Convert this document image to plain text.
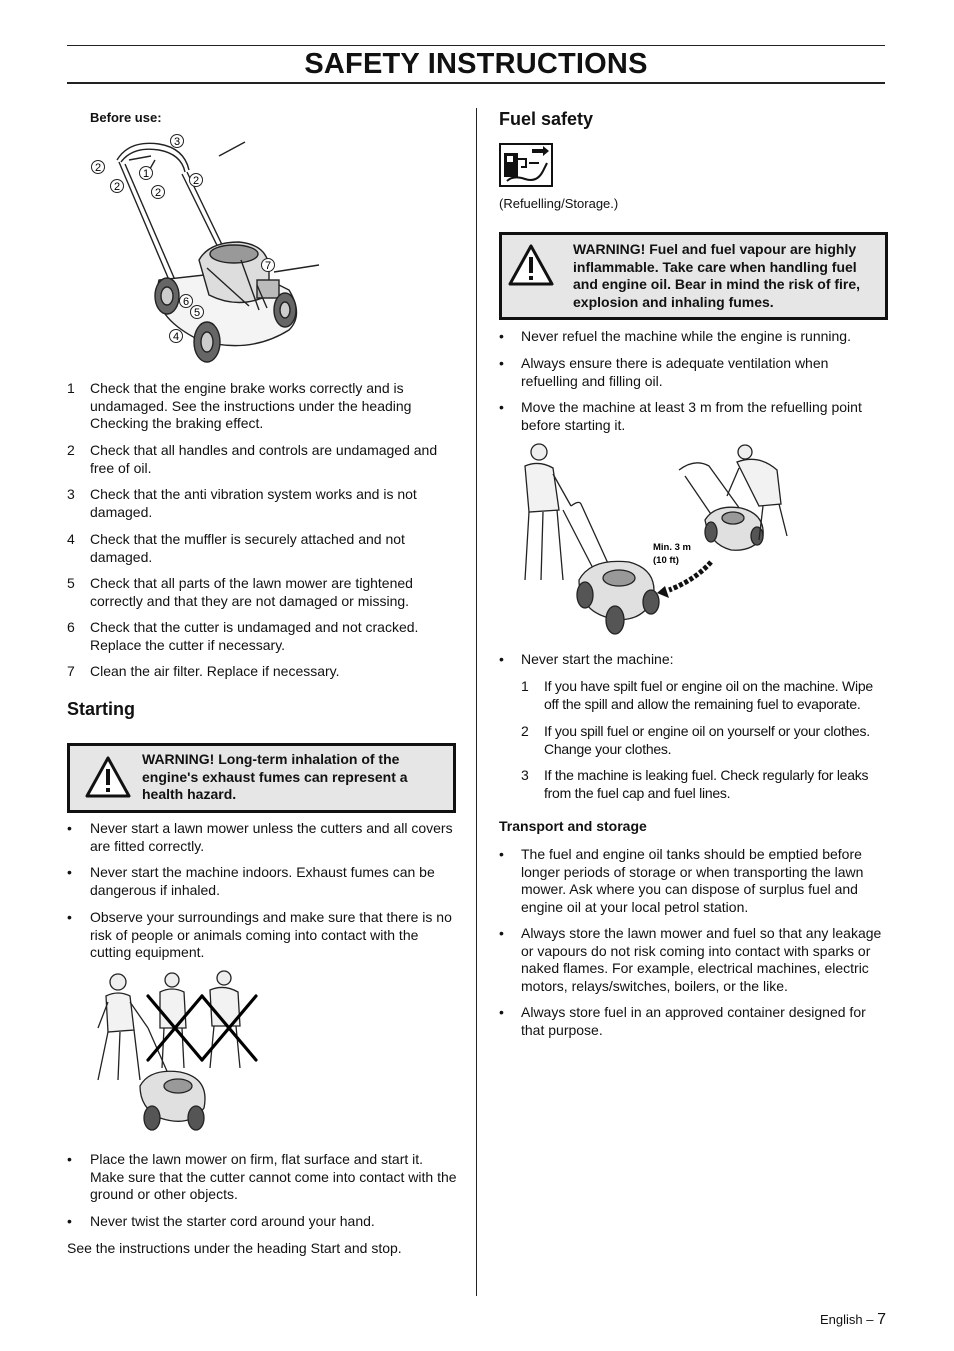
SAFETY INSTRUCTIONS
Before use:
1
2
2	2
2
3
4
5
6
7
1 Check that the engine brake works correctly and is undamaged. See the instructions under the heading Checking the braking effect.
2 Check that all handles and controls are undamaged and free of oil.
3 Check that the anti vibration system works and is not damaged.
4 Check that the muffler is securely attached and not damaged.
5 Check that all parts of the lawn mower are tightened correctly and that they are not damaged or missing.
6 Check that the cutter is undamaged and not cracked. Replace the cutter if necessary.
7 Clean the air filter. Replace if necessary.
Starting
WARNING! Long-term inhalation of the engine's exhaust fumes can represent a health hazard.
• Never start a lawn mower unless the cutters and all covers are fitted correctly.
• Never start the machine indoors. Exhaust fumes can be dangerous if inhaled.
• Observe your surroundings and make sure that there is no risk of people or animals coming into contact with the cutting equipment.
• Place the lawn mower on firm, flat surface and start it. Make sure that the cutter cannot come into contact with the ground or other objects.
• Never twist the starter cord around your hand.
See the instructions under the heading Start and stop.
Fuel safety
(Refuelling/Storage.)
WARNING! Fuel and fuel vapour are highly inflammable. Take care when handling fuel and engine oil. Bear in mind the risk of fire, explosion and inhaling fumes.
• Never refuel the machine while the engine is running.
• Always ensure there is adequate ventilation when refuelling and filling oil.
• Move the machine at least 3 m from the refuelling point before starting it.
Min. 3 m
(10 ft)
• Never start the machine:
1 If you have spilt fuel or engine oil on the machine. Wipe off the spill and allow the remaining fuel to evaporate.
2 If you spill fuel or engine oil on yourself or your clothes. Change your clothes.
3 If the machine is leaking fuel. Check regularly for leaks from the fuel cap and fuel lines.
Transport and storage
• The fuel and engine oil tanks should be emptied before longer periods of storage or when transporting the lawn mower. Ask where you can dispose of surplus fuel and engine oil at your local petrol station.
• Always store the lawn mower and fuel so that any leakage or vapours do not risk coming into contact with sparks or naked flames. For example, electrical machines, electric motors, relays/switches, boilers, or the like.
• Always store fuel in an approved container designed for that purpose.
English – 7
